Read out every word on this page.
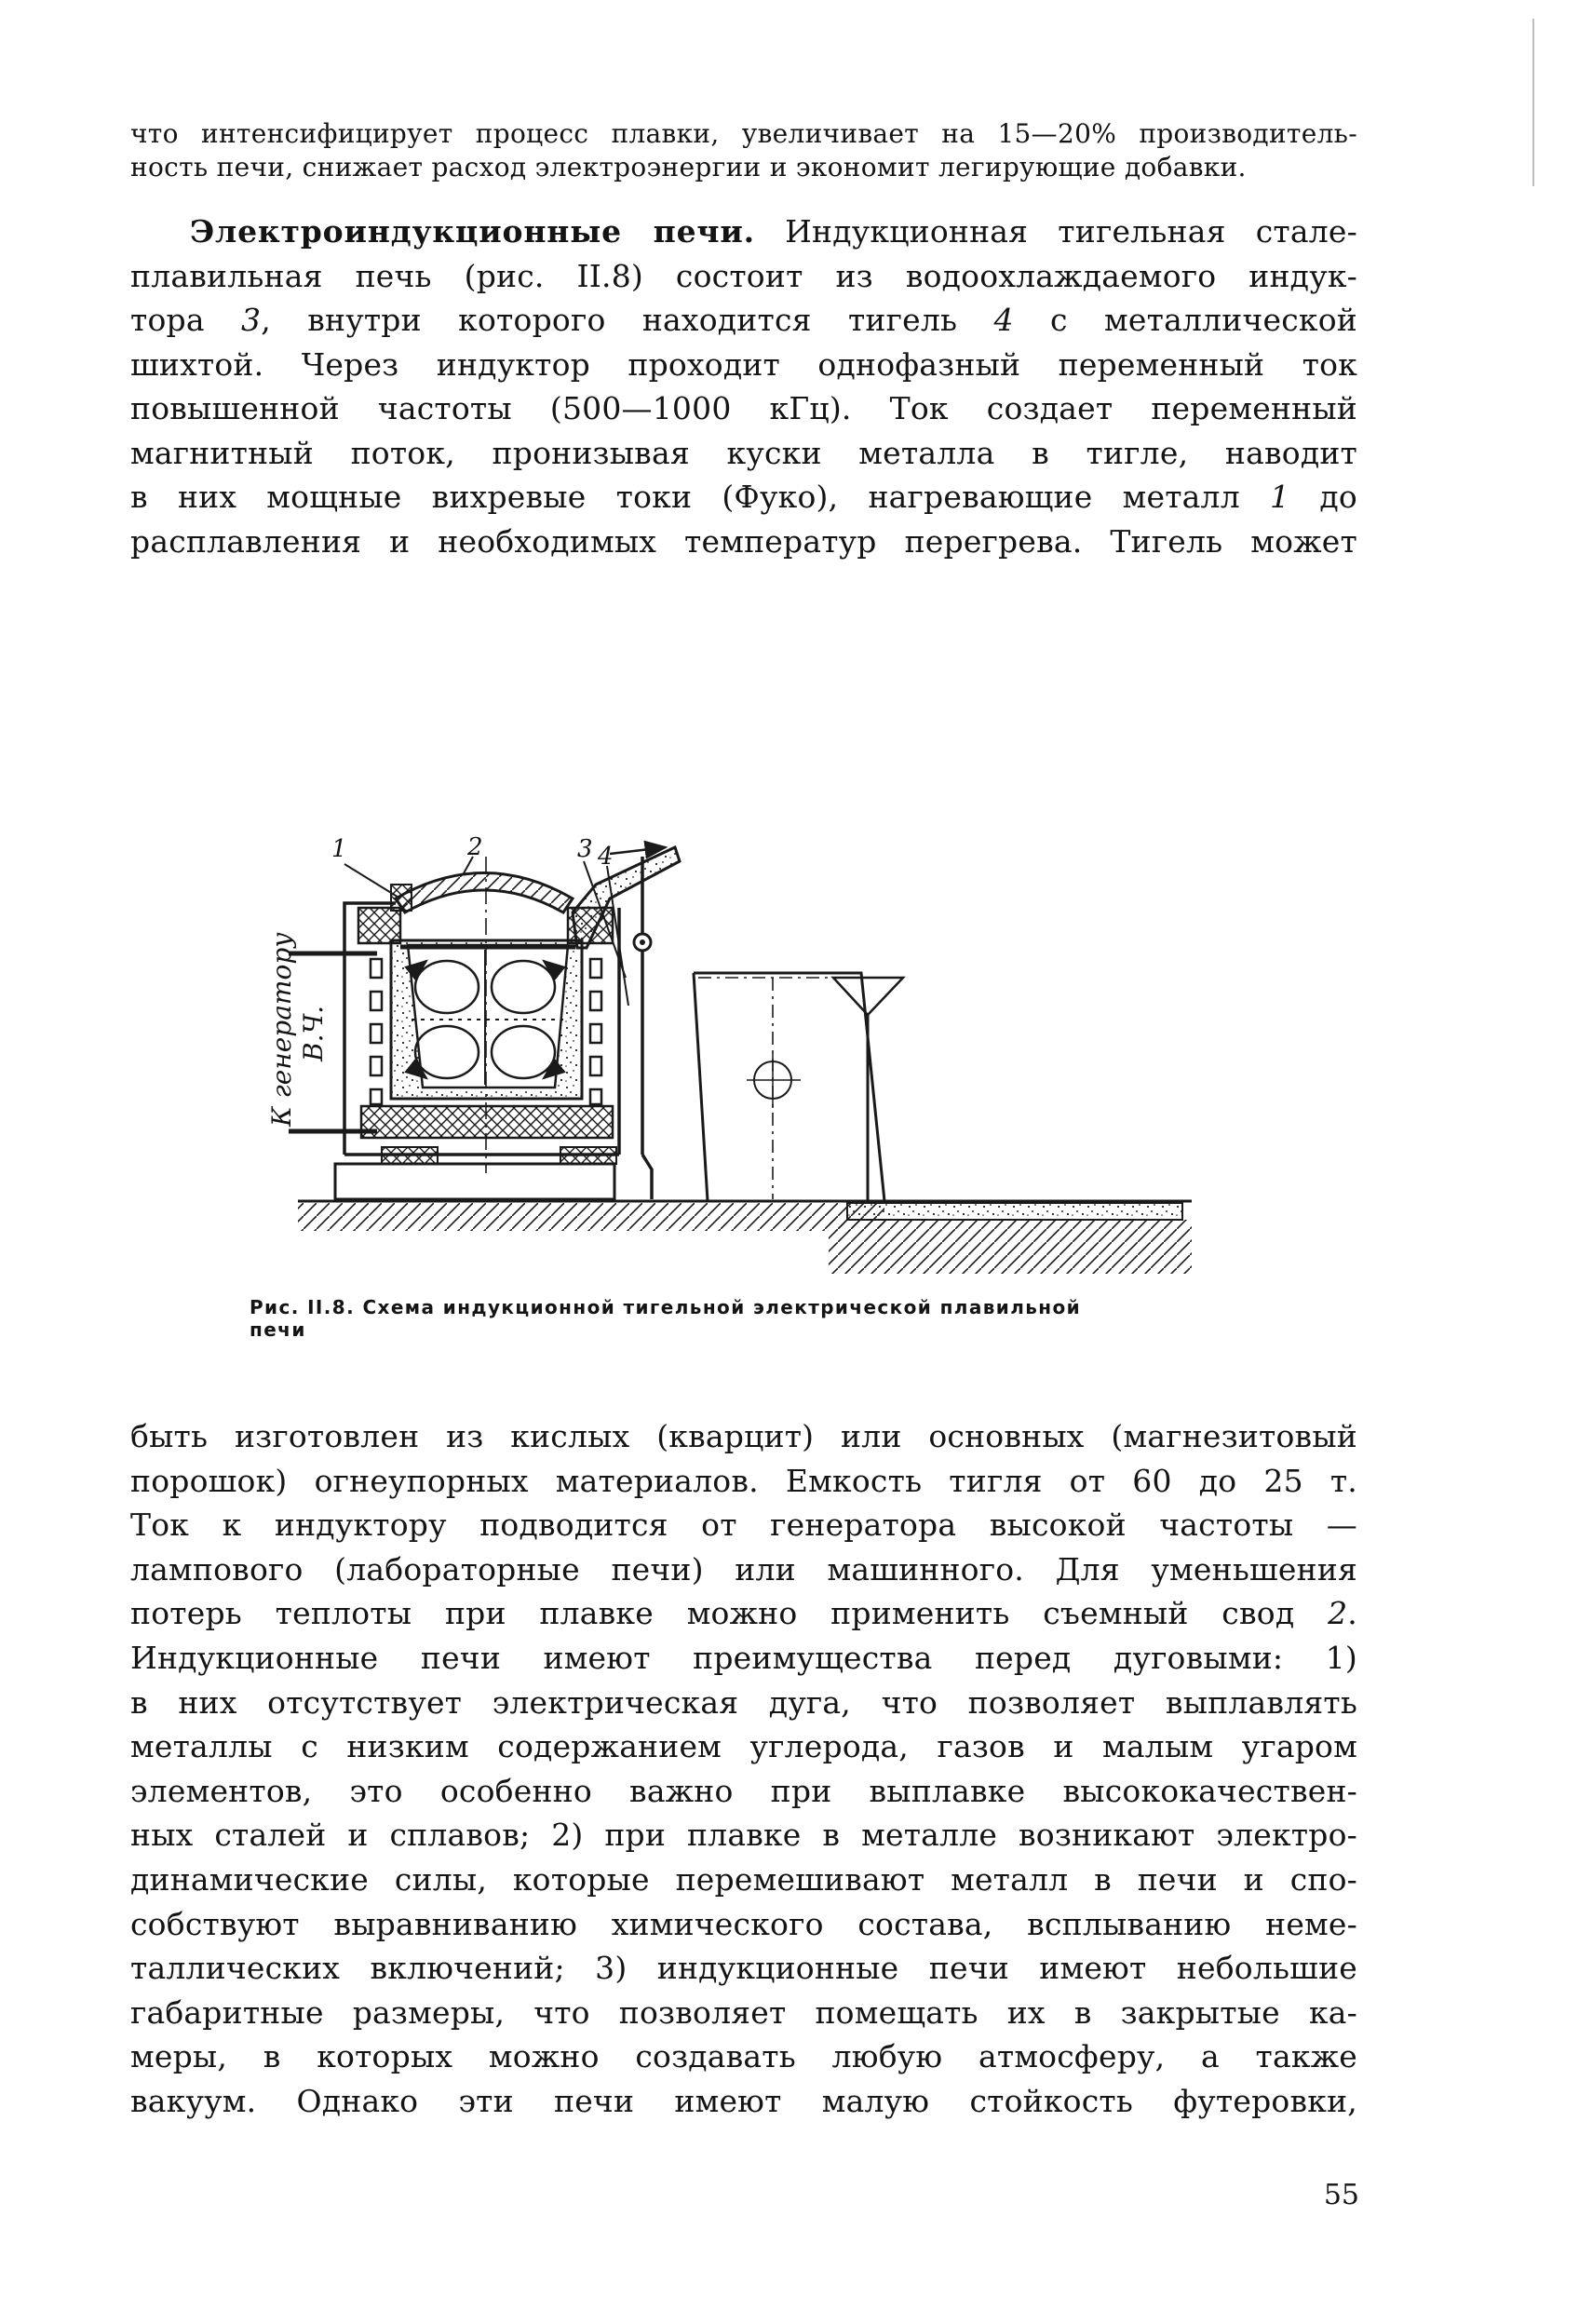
что интенсифицирует процесс плавки, увеличивает на 15—20% производитель-
ность печи, снижает расход электроэнергии и экономит легирующие добавки.

Электроиндукционные печи. Индукционная тигельная стале-
плавильная печь (рис. II.8) состоит из водоохлаждаемого индук-
тора 3, внутри которого находится тигель 4 с металлической
шихтой. Через индуктор проходит однофазный переменный ток
повышенной частоты (500—1000 кГц). Ток создает переменный
магнитный поток, пронизывая куски металла в тигле, наводит
в них мощные вихревые токи (Фуко), нагревающие металл 1 до
расплавления и необходимых температур перегрева. Тигель может

1	2	3 4
К генератору В.Ч.

Рис. II.8. Схема индукционной тигельной электрической плавильной
печи

быть изготовлен из кислых (кварцит) или основных (магнезитовый
порошок) огнеупорных материалов. Емкость тигля от 60 до 25 т.
Ток к индуктору подводится от генератора высокой частоты —
лампового (лабораторные печи) или машинного. Для уменьшения
потерь теплоты при плавке можно применить съемный свод 2.
Индукционные печи имеют преимущества перед дуговыми: 1)
в них отсутствует электрическая дуга, что позволяет выплавлять
металлы с низким содержанием углерода, газов и малым угаром
элементов, это особенно важно при выплавке высококачествен-
ных сталей и сплавов; 2) при плавке в металле возникают электро-
динамические силы, которые перемешивают металл в печи и спо-
собствуют выравниванию химического состава, всплыванию неме-
таллических включений; 3) индукционные печи имеют небольшие
габаритные размеры, что позволяет помещать их в закрытые ка-
меры, в которых можно создавать любую атмосферу, а также
вакуум. Однако эти печи имеют малую стойкость футеровки,

55
